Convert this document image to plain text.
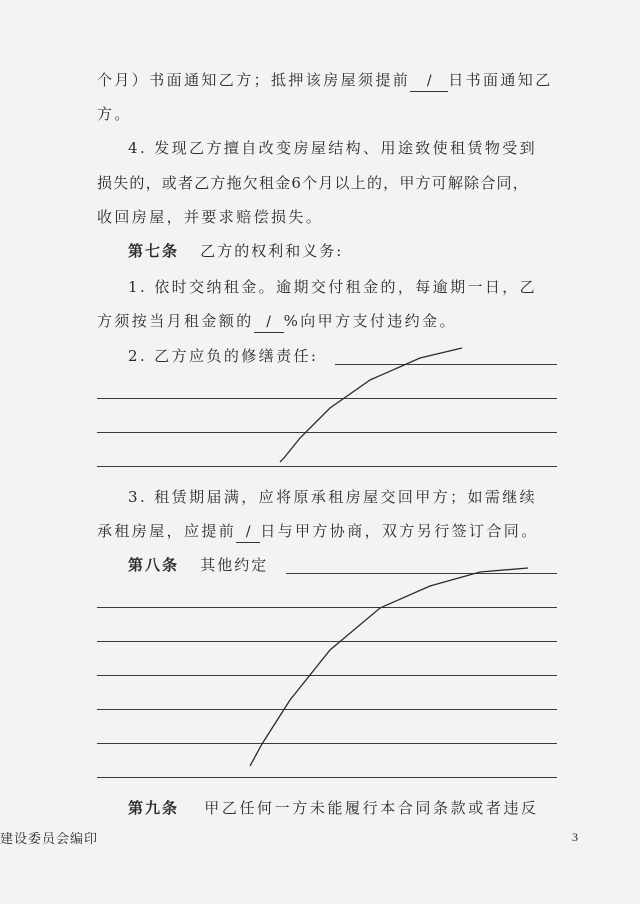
个月）书面通知乙方；抵押该房屋须提前 / 日书面通知乙
方。
4. 发现乙方擅自改变房屋结构、用途致使租赁物受到
损失的，或者乙方拖欠租金6个月以上的，甲方可解除合同，
收回房屋，并要求赔偿损失。
第七条 乙方的权利和义务:
1. 依时交纳租金。逾期交付租金的，每逾期一日，乙
方须按当月租金额的 / %向甲方支付违约金。
2. 乙方应负的修缮责任:
3. 租赁期届满，应将原承租房屋交回甲方；如需继续
承租房屋，应提前 / 日与甲方协商，双方另行签订合同。
第八条 其他约定
第九条 甲乙任何一方未能履行本合同条款或者违反
建设委员会编印	3
